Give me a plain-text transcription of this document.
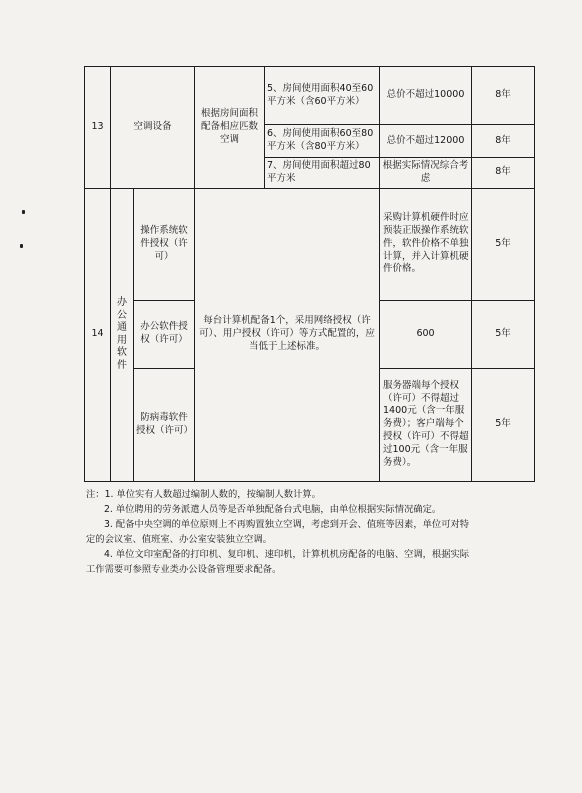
13	空调设备		根据房间面积配备相应匹数空调	5、房间使用面积40至60平方米（含60平方米）	总价不超过10000	8年
				6、房间使用面积60至80平方米（含80平方米）	总价不超过12000	8年
				7、房间使用面积超过80平方米	根据实际情况综合考虑	8年
14	办公通用软件	操作系统软件授权（许可）	每台计算机配备1个，采用网络授权（许可）、用户授权（许可）等方式配置的，应当低于上述标准。		采购计算机硬件时应预装正版操作系统软件，软件价格不单独计算，并入计算机硬件价格。	5年
		办公软件授权（许可）			600	5年
		防病毒软件授权（许可）			服务器端每个授权（许可）不得超过1400元（含一年服务费）；客户端每个授权（许可）不得超过100元（含一年服务费）。	5年

注：1. 单位实有人数超过编制人数的，按编制人数计算。

2. 单位聘用的劳务派遣人员等是否单独配备台式电脑，由单位根据实际情况确定。

3. 配备中央空调的单位原则上不再购置独立空调，考虑到开会、值班等因素，单位可对特

定的会议室、值班室、办公室安装独立空调。

4. 单位文印室配备的打印机、复印机、速印机，计算机机房配备的电脑、空调，根据实际

工作需要可参照专业类办公设备管理要求配备。
